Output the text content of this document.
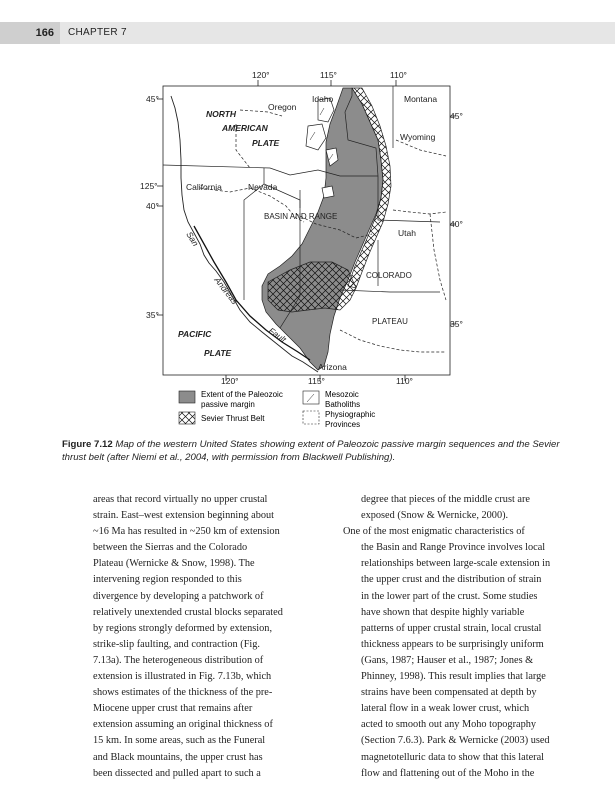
166	CHAPTER 7
120°	115°	110°
45°
125°
40°
35°
45°
40°
35°
120°	115°	110°
Idaho	Montana
Oregon
Wyoming
California	Nevada
BASIN AND RANGE
Utah
COLORADO
PLATEAU
Arizona
NORTH
AMERICAN
PLATE
PACIFIC
PLATE
San
Andreas
Fault
Extent of the Paleozoic
passive margin
Sevier Thrust Belt
Mesozoic
Batholiths
Physiographic
Provinces
Figure 7.12 Map of the western United States showing extent of Paleozoic passive margin sequences and the Sevier thrust belt (after Niemi et al., 2004, with permission from Blackwell Publishing).

areas that record virtually no upper crustal

strain. East–west extension beginning about

~16 Ma has resulted in ~250 km of extension

between the Sierras and the Colorado

Plateau (Wernicke & Snow, 1998). The

intervening region responded to this

divergence by developing a patchwork of

relatively unextended crustal blocks separated

by regions strongly deformed by extension,

strike-slip faulting, and contraction (Fig.

7.13a). The heterogeneous distribution of

extension is illustrated in Fig. 7.13b, which

shows estimates of the thickness of the pre-

Miocene upper crust that remains after

extension assuming an original thickness of

15 km. In some areas, such as the Funeral

and Black mountains, the upper crust has

been dissected and pulled apart to such a

degree that pieces of the middle crust are

exposed (Snow & Wernicke, 2000).

One of the most enigmatic characteristics of

the Basin and Range Province involves local

relationships between large-scale extension in

the upper crust and the distribution of strain

in the lower part of the crust. Some studies

have shown that despite highly variable

patterns of upper crustal strain, local crustal

thickness appears to be surprisingly uniform

(Gans, 1987; Hauser et al., 1987; Jones &

Phinney, 1998). This result implies that large

strains have been compensated at depth by

lateral flow in a weak lower crust, which

acted to smooth out any Moho topography

(Section 7.6.3). Park & Wernicke (2003) used

magnetotelluric data to show that this lateral

flow and flattening out of the Moho in the
